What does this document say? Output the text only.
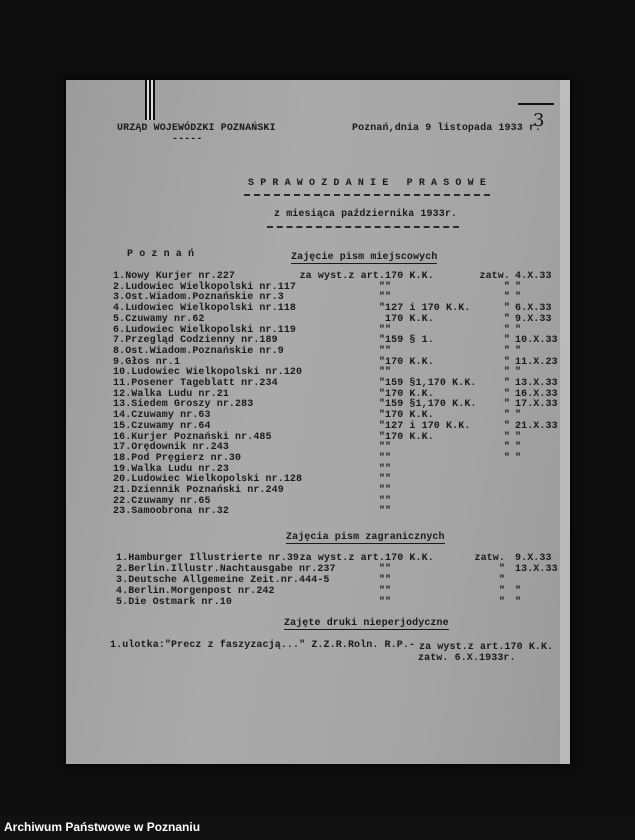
URZĄD WOJEWÓDZKI POZNAŃSKI
-----
Poznań,dnia 9 listopada 1933 r.
3
S P R A W O Z D A N I E   P R A S O W E
z miesiąca października 1933r.
P o z n a ń	Zajęcie pism miejscowych
1.Nowy Kurjer nr.227	za wyst.z art. 170 K.K.	zatw. 4.X.33
2.Ludowiec Wielkopolski nr.117	" "	" "
3.Ost.Wiadom.Poznańskie nr.3	" "	" "
4.Ludowiec Wielkopolski nr.118	" 127 i 170 K.K.	" 6.X.33
5.Czuwamy nr.62	170 K.K.	" 9.X.33
6.Ludowiec Wielkopolski nr.119	" "	" "
7.Przegląd Codzienny nr.189	" 159 § 1.	" 10.X.33
8.Ost.Wiadom.Poznańskie nr.9	" "	" "
9.Głos nr.1	" 170 K.K.	" 11.X.23
10.Ludowiec Wielkopolski nr.120	" "	" "
11.Posener Tageblatt nr.234	" 159 §1,170 K.K.	" 13.X.33
12.Walka Ludu nr.21	" 170 K.K.	" 16.X.33
13.Siedem Groszy nr.283	" 159 §1,170 K.K.	" 17.X.33
14.Czuwamy nr.63	" 170 K.K.	" "
15.Czuwamy nr.64	" 127 i 170 K.K.	" 21.X.33
16.Kurjer Poznański nr.485	" 170 K.K.	" "
17.Orędownik nr.243	" "	" "
18.Pod Pręgierz nr.30	" "	" "
19.Walka Ludu nr.23	" "
20.Ludowiec Wielkopolski nr.128	" "
21.Dziennik Poznański nr.249	" "
22.Czuwamy nr.65	" "
23.Samoobrona nr.32	" "
Zajęcia pism zagranicznych
1.Hamburger Illustrierte nr.39 za wyst.z art. 170 K.K.	zatw. 9.X.33
2.Berlin.Illustr.Nachtausgabe nr.237	" "	" 13.X.33
3.Deutsche Allgemeine Zeit.nr.444-5	" "	"
4.Berlin.Morgenpost nr.242	" "	" "
5.Die Ostmark nr.10	" "	" "
Zajęte druki nieperjodyczne
1.ulotka:"Precz z faszyzacją..." Z.Z.R.Roln. R.P.- za wyst.z art.170 K.K.
zatw. 6.X.1933r.
Archiwum Państwowe w Poznaniu
